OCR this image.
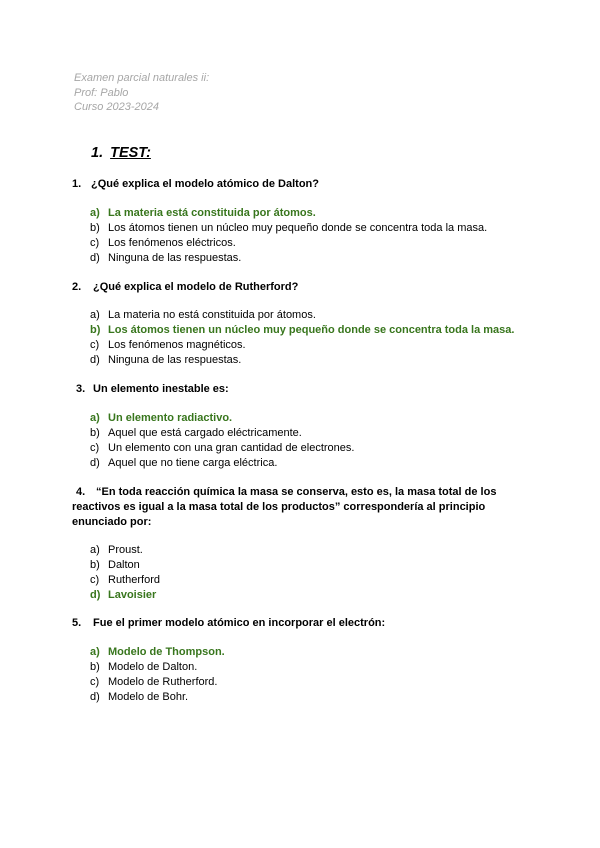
Examen parcial naturales ii:
Prof: Pablo
Curso 2023-2024
1. TEST:
1. ¿Qué explica el modelo atómico de Dalton?
a) La materia está constituida por átomos.
b) Los átomos tienen un núcleo muy pequeño donde se concentra toda la masa.
c) Los fenómenos eléctricos.
d) Ninguna de las respuestas.
2. ¿Qué explica el modelo de Rutherford?
a) La materia no está constituida por átomos.
b) Los átomos tienen un núcleo muy pequeño donde se concentra toda la masa.
c) Los fenómenos magnéticos.
d) Ninguna de las respuestas.
3. Un elemento inestable es:
a) Un elemento radiactivo.
b) Aquel que está cargado eléctricamente.
c) Un elemento con una gran cantidad de electrones.
d) Aquel que no tiene carga eléctrica.
4. “En toda reacción química la masa se conserva, esto es, la masa total de los reactivos es igual a la masa total de los productos” correspondería al principio enunciado por:
a) Proust.
b) Dalton
c) Rutherford
d) Lavoisier
5. Fue el primer modelo atómico en incorporar el electrón:
a) Modelo de Thompson.
b) Modelo de Dalton.
c) Modelo de Rutherford.
d) Modelo de Bohr.
